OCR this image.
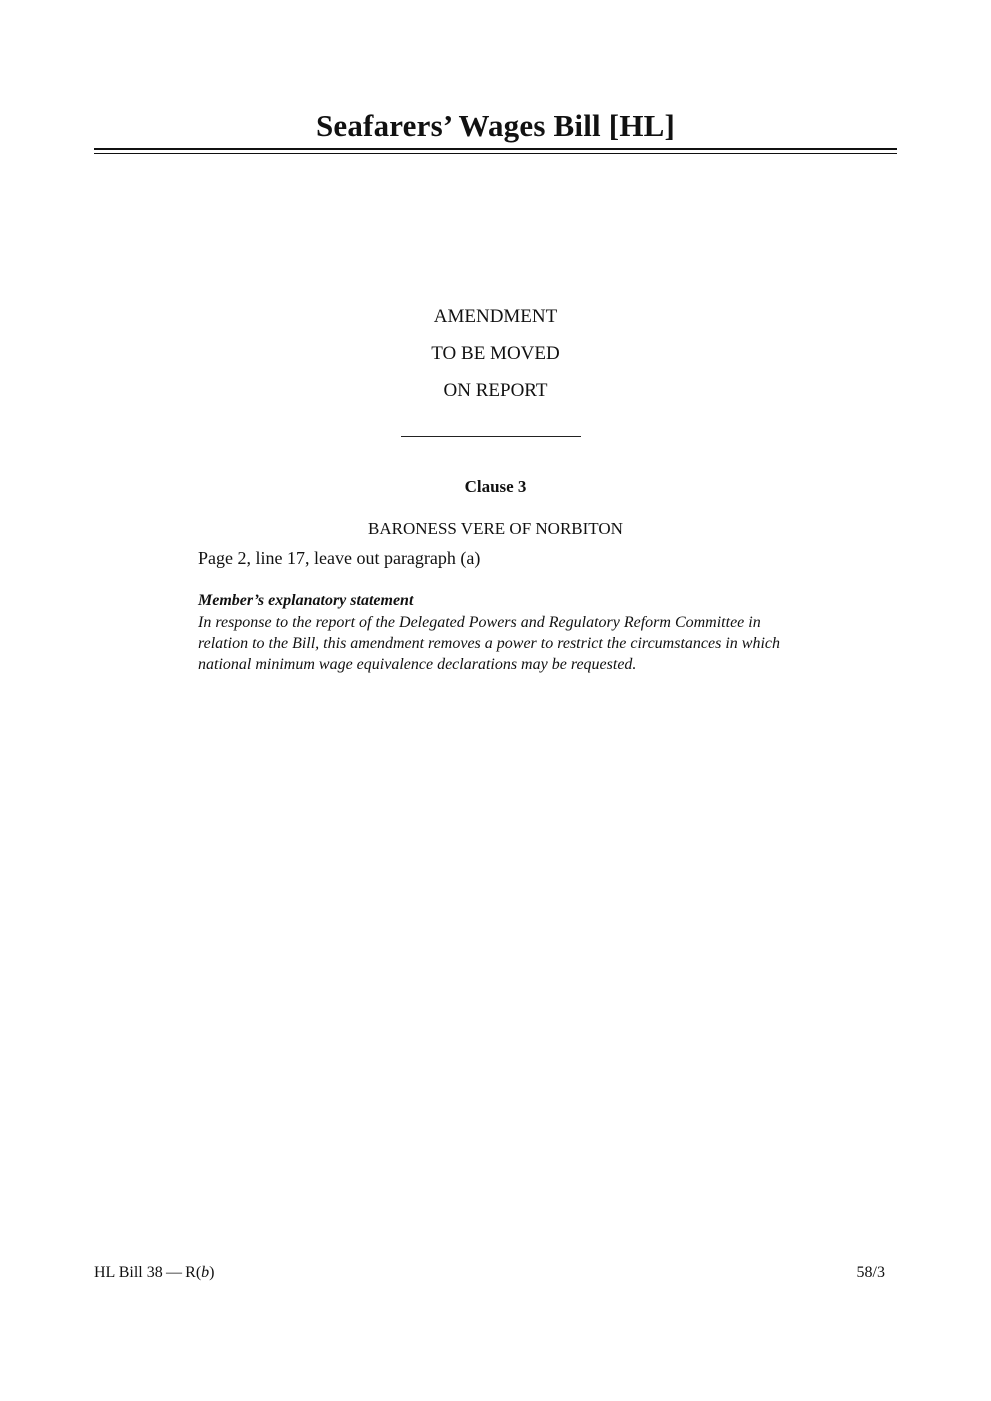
Seafarers’ Wages Bill [HL]
AMENDMENT
TO BE MOVED
ON REPORT
Clause 3
BARONESS VERE OF NORBITON
Page 2, line 17, leave out paragraph (a)
Member’s explanatory statement
In response to the report of the Delegated Powers and Regulatory Reform Committee in
relation to the Bill, this amendment removes a power to restrict the circumstances in which
national minimum wage equivalence declarations may be requested.
HL Bill 38 — R(b)	58/3
